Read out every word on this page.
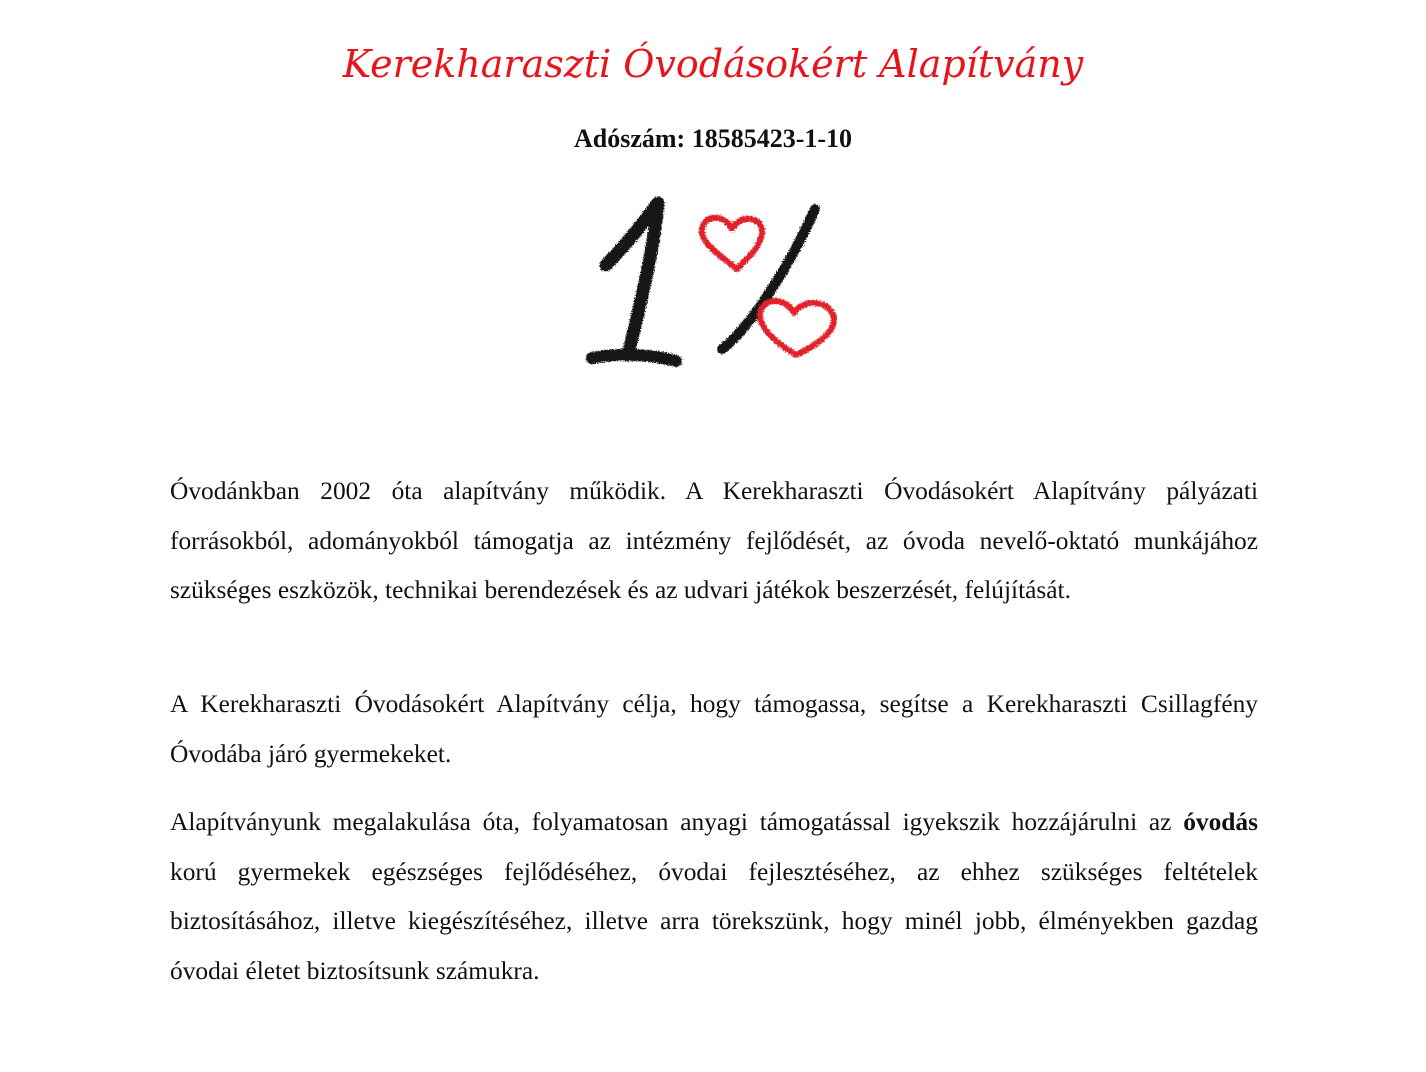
Kerekharaszti Óvodásokért Alapítvány
Adószám: 18585423-1-10

Óvodánkban 2002 óta alapítvány működik. A Kerekharaszti Óvodásokért Alapítvány pályázati forrásokból, adományokból támogatja az intézmény fejlődését, az óvoda nevelő-oktató munkájához szükséges eszközök, technikai berendezések és az udvari játékok beszerzését, felújítását.

A Kerekharaszti Óvodásokért Alapítvány célja, hogy támogassa, segítse a Kerekharaszti Csillagfény Óvodába járó gyermekeket.

Alapítványunk megalakulása óta, folyamatosan anyagi támogatással igyekszik hozzájárulni az óvodás korú gyermekek egészséges fejlődéséhez, óvodai fejlesztéséhez, az ehhez szükséges feltételek biztosításához, illetve kiegészítéséhez, illetve arra törekszünk, hogy minél jobb, élményekben gazdag óvodai életet biztosítsunk számukra.
